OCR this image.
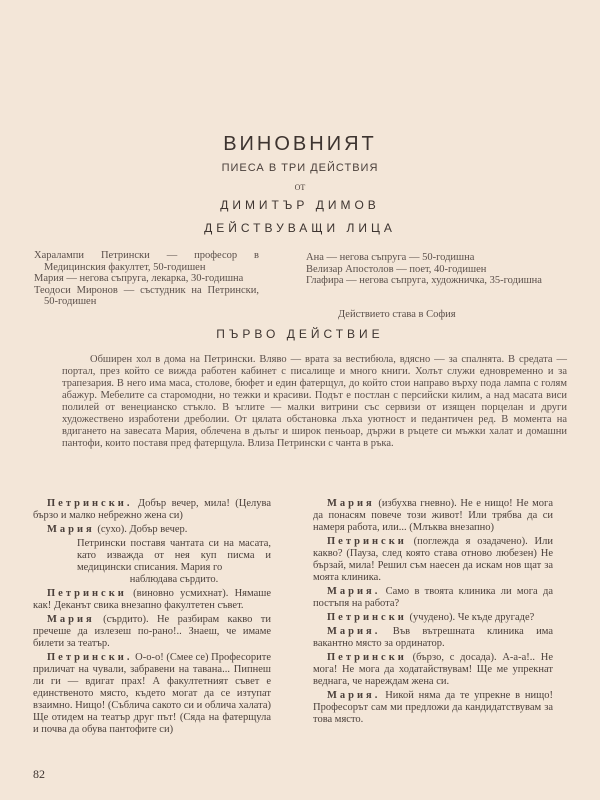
ВИНОВНИЯТ
ПИЕСА В ТРИ ДЕЙСТВИЯ
ОТ
ДИМИТЪР ДИМОВ
ДЕЙСТВУВАЩИ ЛИЦА
Харалампи Петрински — професор в Медицинския факултет, 50-годишен
Мария — негова съпруга, лекарка, 30-годишна
Теодоси Миронов — състудник на Петрински, 50-годишен
Ана — негова съпруга — 50-годишна
Велизар Апостолов — поет, 40-годишен
Глафира — негова съпруга, художничка, 35-годишна
Действието става в София
ПЪРВО ДЕЙСТВИЕ
Обширен хол в дома на Петрински. Вляво — врата за вестибюла, вдясно — за спалнята. В средата — портал, през който се вижда работен кабинет с писалище и много книги. Холът служи едновременно и за трапезария. В него има маса, столове, бюфет и един фатерщул, до който стои направо върху пода лампа с голям абажур. Мебелите са старомодни, но тежки и красиви. Подът е постлан с персийски килим, а над масата виси полилей от венецианско стъкло. В ъглите — малки витрини със сервизи от изящен порцелан и други художествено изработени дреболии. От цялата обстановка лъха уютност и педантичен ред. В момента на вдигането на завесата Мария, облечена в дълъг и широк пеньоар, държи в ръцете си мъжки халат и домашни пантофи, които поставя пред фатерщула. Влиза Петрински с чанта в ръка.

Петрински. Добър вечер, мила! (Целува бързо и малко небрежно жена си)

Мария (сухо). Добър вечер.

Петрински поставя чантата си на масата, като изважда от нея куп писма и медицински списания. Мария го
наблюдава сърдито.

Петрински (виновно усмихнат). Нямаше как! Деканът свика внезапно факултетен съвет.

Мария (сърдито). Не разбирам какво ти пречеше да излезеш по-рано!.. Знаеш, че имаме билети за театър.

Петрински. О-о-о! (Смее се) Професорите приличат на чували, забравени на тавана... Пипнеш ли ги — вдигат прах! А факултетният съвет е единственото място, където могат да се изтупат взаимно. Нищо! (Съблича сакото си и облича халата) Ще отидем на театър друг път! (Сяда на фатерщула и почва да обува пантофите си)

Мария (избухва гневно). Не е нищо! Не мога да понасям повече този живот! Или трябва да си намеря работа, или... (Млъква внезапно)

Петрински (поглежда я озадачено). Или какво? (Пауза, след която става отново любезен) Не бързай, мила! Решил съм наесен да искам нов щат за моята клиника.

Мария. Само в твоята клиника ли мога да постъпя на работа?

Петрински (учудено). Че къде другаде?

Мария. Във вътрешната клиника има вакантно място за ординатор.

Петрински (бързо, с досада). А-а-а!.. Не мога! Не мога да ходатайствувам! Ще ме упрекнат веднага, че нареждам жена си.

Мария. Никой няма да те упрекне в нищо! Професорът сам ми предложи да кандидатствувам за това място.

82
